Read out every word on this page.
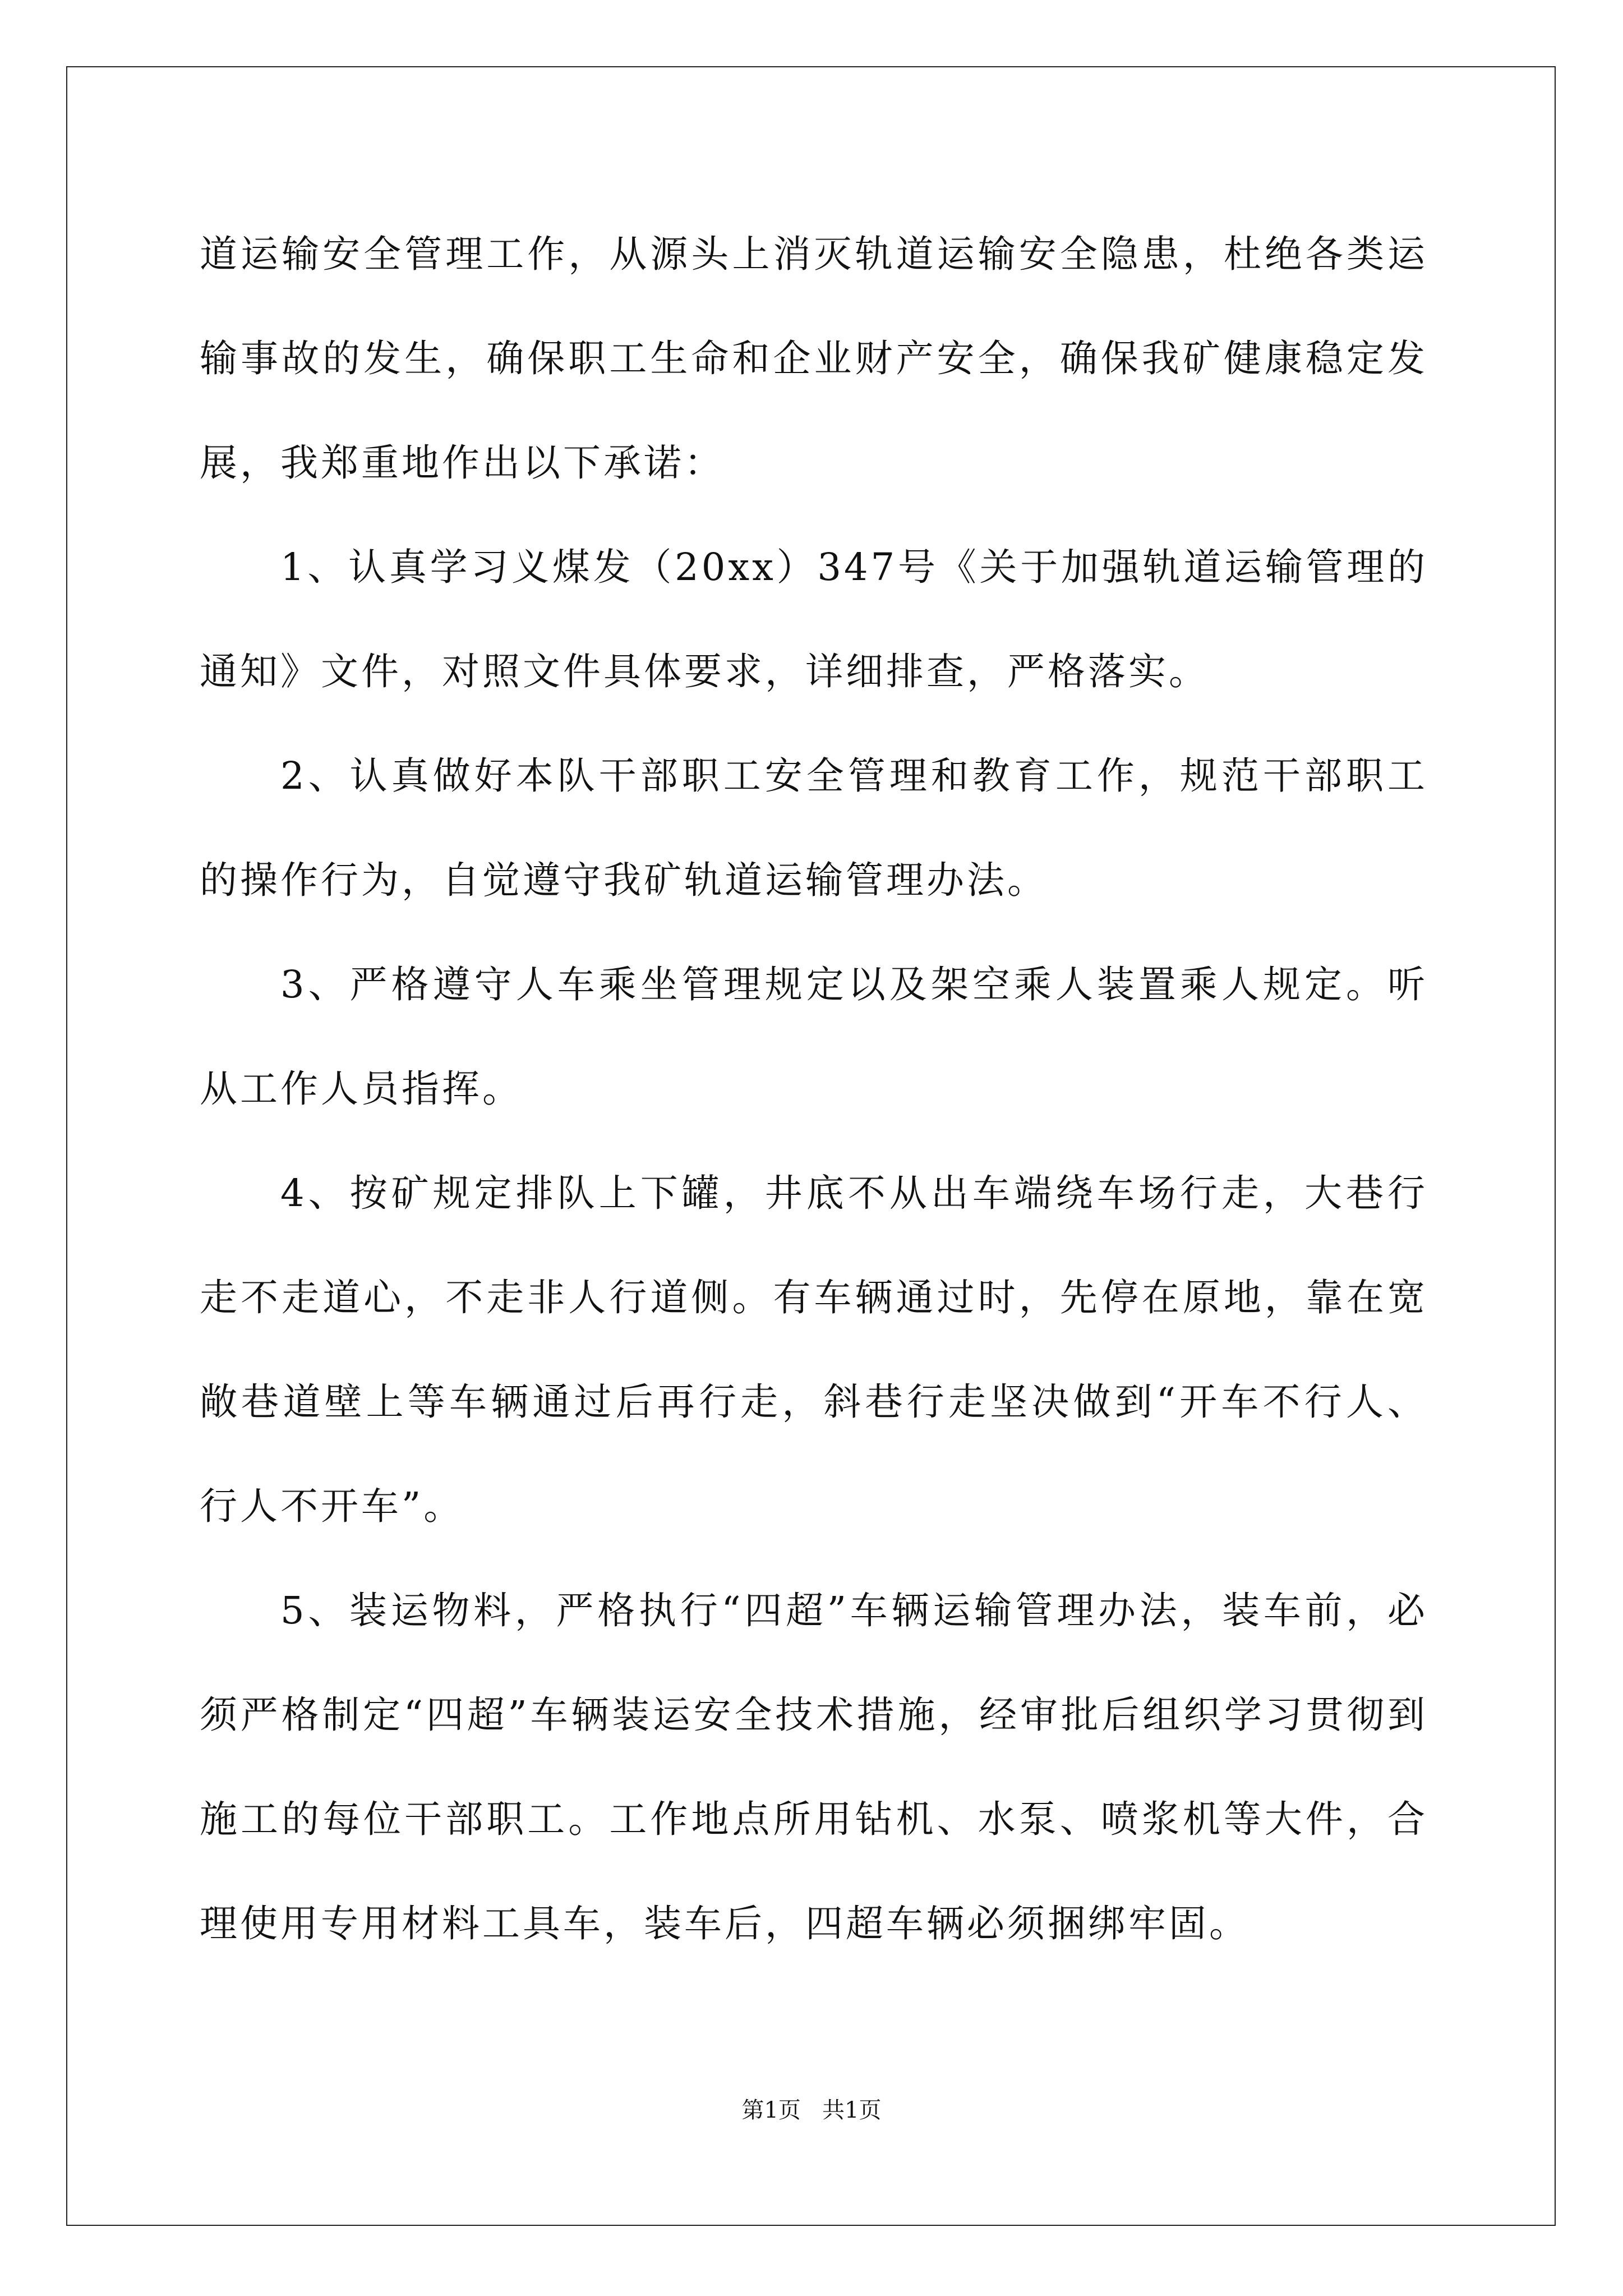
道运输安全管理工作，从源头上消灭轨道运输安全隐患，杜绝各类运输事故的发生，确保职工生命和企业财产安全，确保我矿健康稳定发展，我郑重地作出以下承诺：

1、认真学习义煤发（20xx）347号《关于加强轨道运输管理的通知》文件，对照文件具体要求，详细排查，严格落实。

2、认真做好本队干部职工安全管理和教育工作，规范干部职工的操作行为，自觉遵守我矿轨道运输管理办法。

3、严格遵守人车乘坐管理规定以及架空乘人装置乘人规定。听从工作人员指挥。

4、按矿规定排队上下罐，井底不从出车端绕车场行走，大巷行走不走道心，不走非人行道侧。有车辆通过时，先停在原地，靠在宽敞巷道壁上等车辆通过后再行走，斜巷行走坚决做到“开车不行人、行人不开车”。

5、装运物料，严格执行“四超”车辆运输管理办法，装车前，必须严格制定“四超”车辆装运安全技术措施，经审批后组织学习贯彻到施工的每位干部职工。工作地点所用钻机、水泵、喷浆机等大件，合理使用专用材料工具车，装车后，四超车辆必须捆绑牢固。

第1页   共1页
